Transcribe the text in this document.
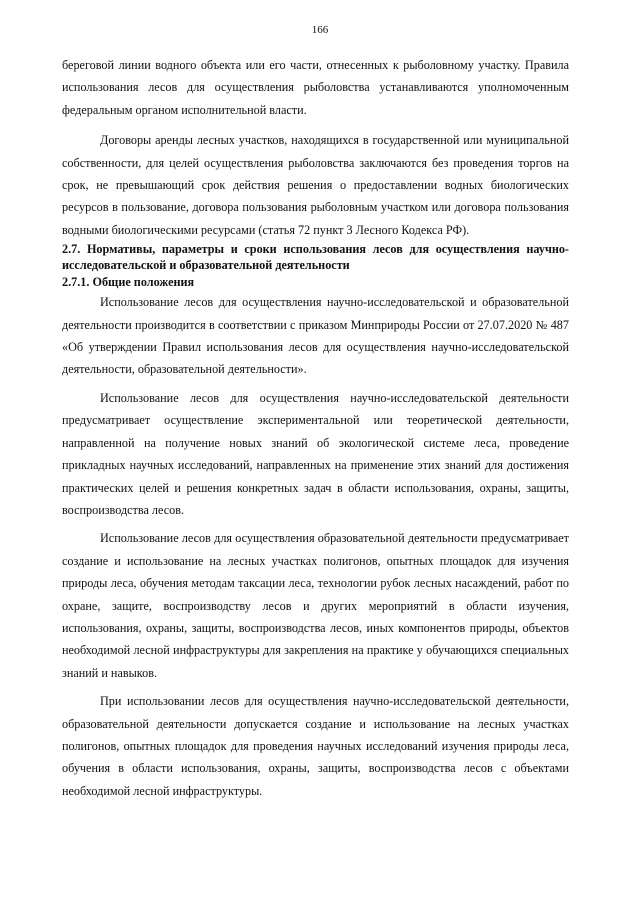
166

береговой линии водного объекта или его части, отнесенных к рыболовному участку. Правила использования лесов для осуществления рыболовства устанавливаются уполномоченным федеральным органом исполнительной власти.

Договоры аренды лесных участков, находящихся в государственной или муниципальной собственности, для целей осуществления рыболовства заключаются без проведения торгов на срок, не превышающий срок действия решения о предоставлении водных биологических ресурсов в пользование, договора пользования рыболовным участком или договора пользования водными биологическими ресурсами (статья 72 пункт 3 Лесного Кодекса РФ).

2.7. Нормативы, параметры и сроки использования лесов для осуществления научно-исследовательской и образовательной деятельности

2.7.1. Общие положения

Использование лесов для осуществления научно-исследовательской и образовательной деятельности производится в соответствии с приказом Минприроды России от 27.07.2020 № 487 «Об утверждении Правил использования лесов для осуществления научно-исследовательской деятельности, образовательной деятельности».

Использование лесов для осуществления научно-исследовательской деятельности предусматривает осуществление экспериментальной или теоретической деятельности, направленной на получение новых знаний об экологической системе леса, проведение прикладных научных исследований, направленных на применение этих знаний для достижения практических целей и решения конкретных задач в области использования, охраны, защиты, воспроизводства лесов.

Использование лесов для осуществления образовательной деятельности предусматривает создание и использование на лесных участках полигонов, опытных площадок для изучения природы леса, обучения методам таксации леса, технологии рубок лесных насаждений, работ по охране, защите, воспроизводству лесов и других мероприятий в области изучения, использования, охраны, защиты, воспроизводства лесов, иных компонентов природы, объектов необходимой лесной инфраструктуры для закрепления на практике у обучающихся специальных знаний и навыков.

При использовании лесов для осуществления научно-исследовательской деятельности, образовательной деятельности допускается создание и использование на лесных участках полигонов, опытных площадок для проведения научных исследований изучения природы леса, обучения в области использования, охраны, защиты, воспроизводства лесов с объектами необходимой лесной инфраструктуры.
